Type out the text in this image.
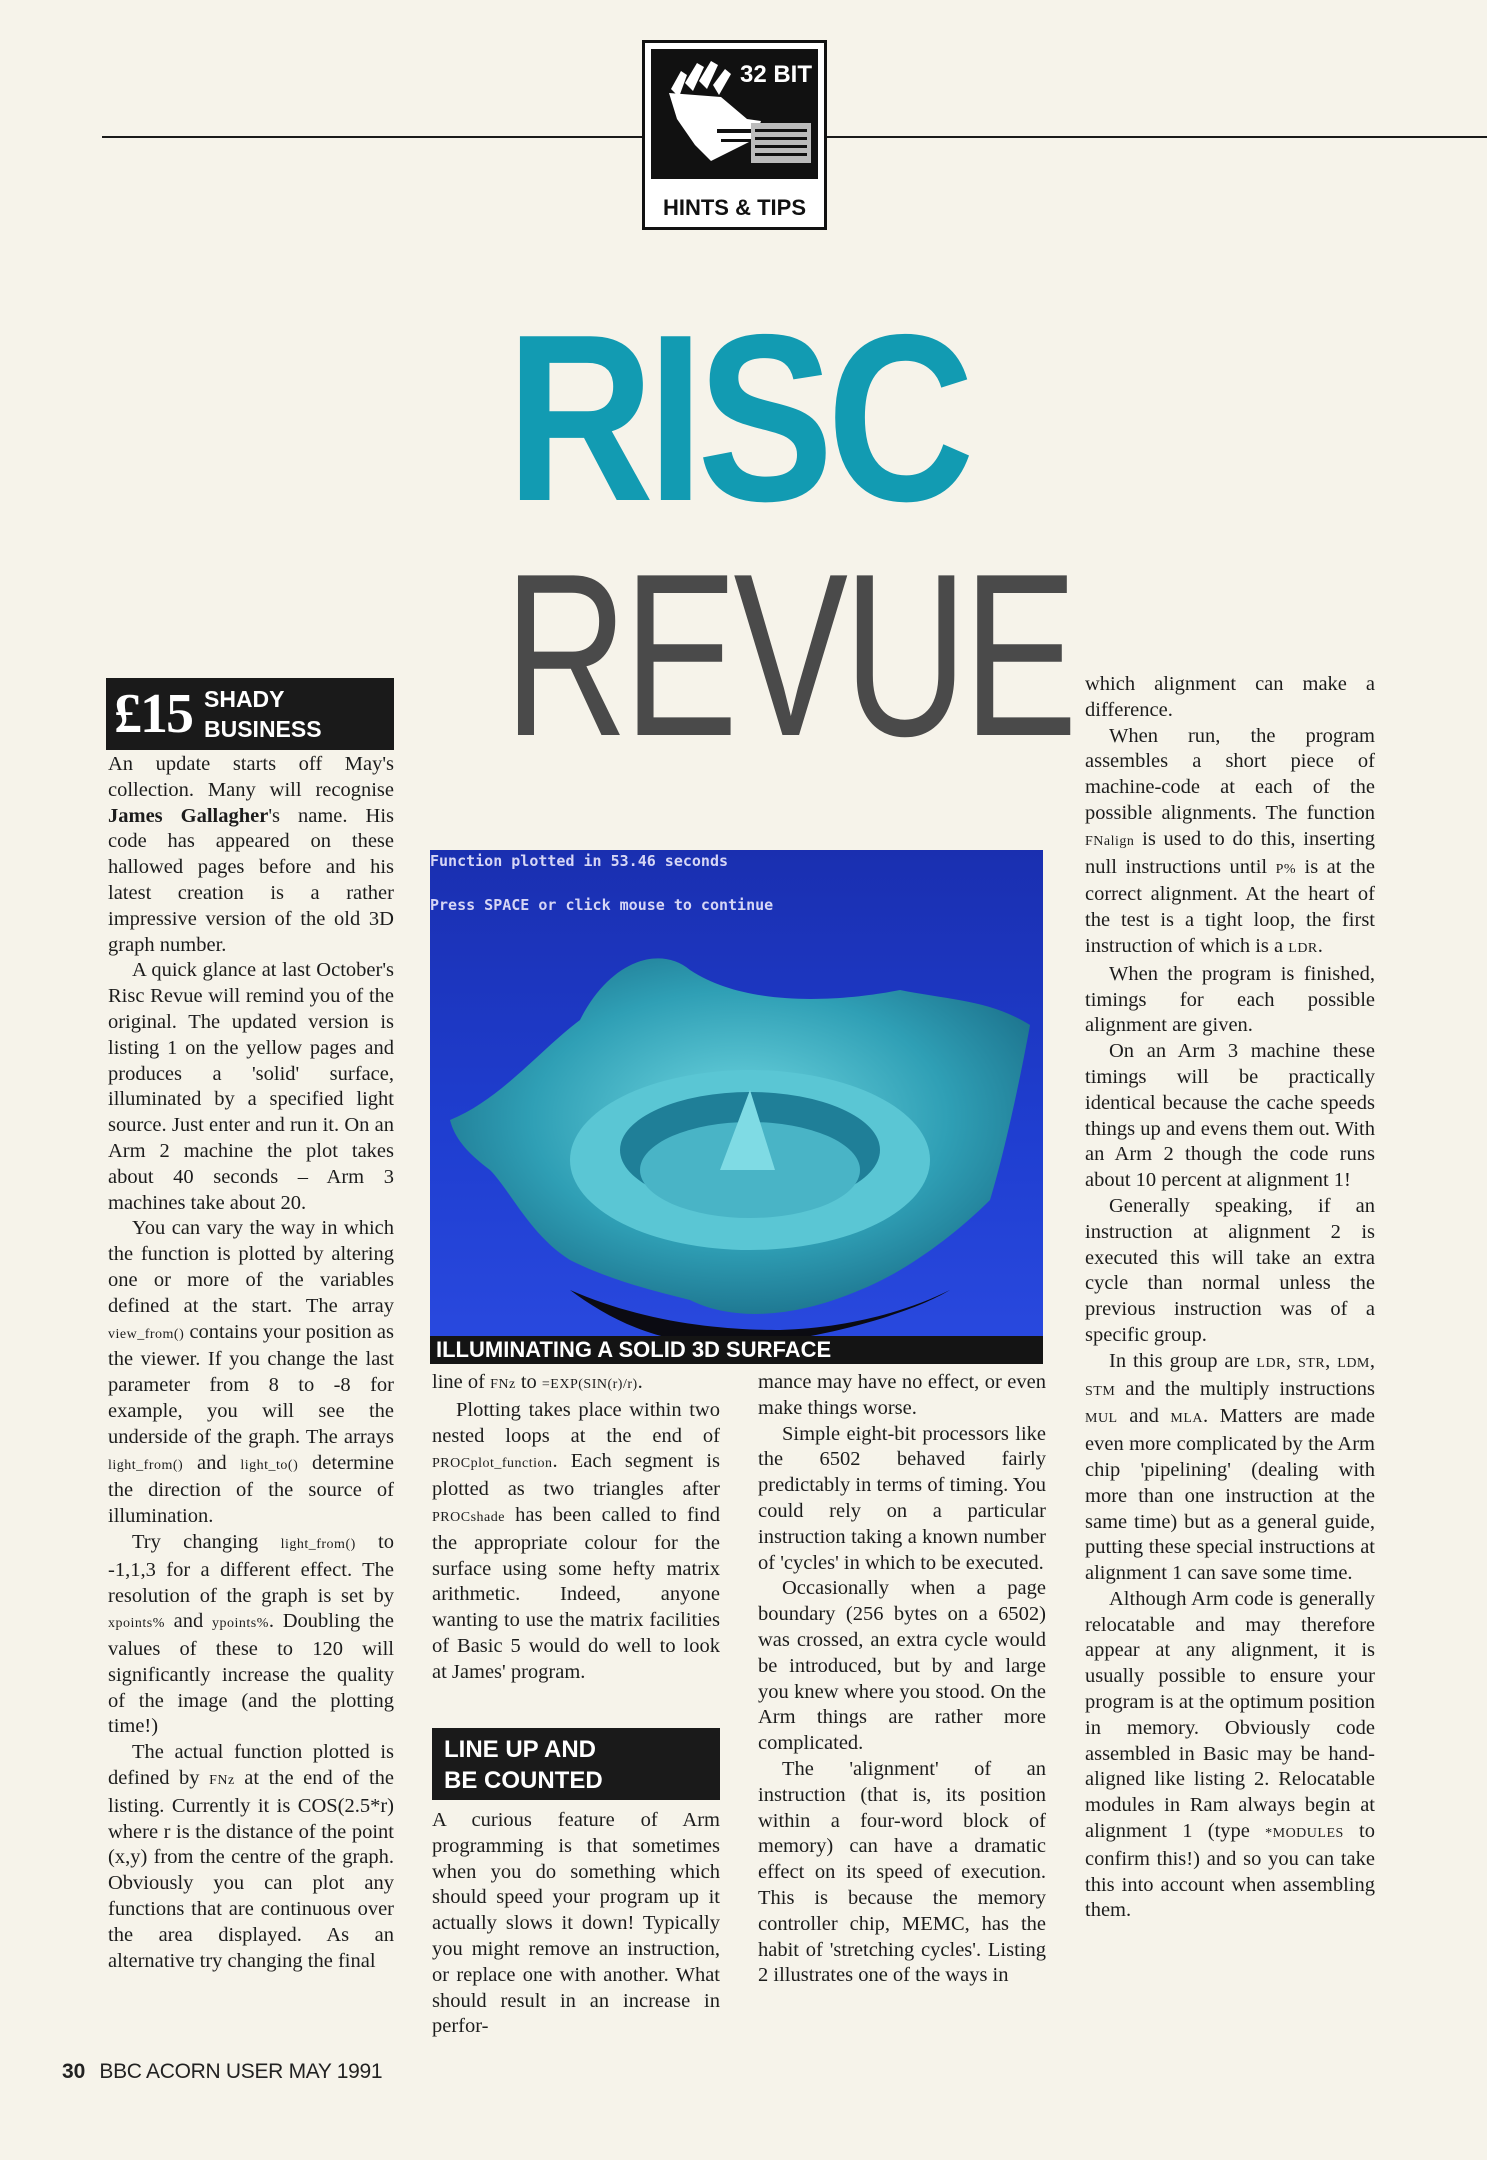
32 BIT
HINTS & TIPS
RISC
REVUE
£15 SHADY
BUSINESS

An update starts off May's collection. Many will recognise James Gallagher's name. His code has appeared on these hallowed pages before and his latest creation is a rather impressive version of the old 3D graph number.

A quick glance at last October's Risc Revue will remind you of the original. The updated version is listing 1 on the yellow pages and produces a 'solid' surface, illuminated by a specified light source. Just enter and run it. On an Arm 2 machine the plot takes about 40 seconds – Arm 3 machines take about 20.

You can vary the way in which the function is plotted by altering one or more of the variables defined at the start. The array view_from() contains your position as the viewer. If you change the last parameter from 8 to -8 for example, you will see the underside of the graph. The arrays light_from() and light_to() determine the direction of the source of illumination.

Try changing light_from() to -1,1,3 for a different effect. The resolution of the graph is set by xpoints% and ypoints%. Doubling the values of these to 120 will significantly increase the quality of the image (and the plotting time!)

The actual function plotted is defined by FNz at the end of the listing. Currently it is COS(2.5*r) where r is the distance of the point (x,y) from the centre of the graph. Obviously you can plot any functions that are continuous over the area displayed. As an alternative try changing the final

Function plotted in 53.46 seconds
Press SPACE or click mouse to continue
ILLUMINATING A SOLID 3D SURFACE

line of FNz to =EXP(SIN(r)/r).

Plotting takes place within two nested loops at the end of PROCplot_function. Each segment is plotted as two triangles after PROCshade has been called to find the appropriate colour for the surface using some hefty matrix arithmetic. Indeed, anyone wanting to use the matrix facilities of Basic 5 would do well to look at James' program.

LINE UP AND
BE COUNTED

A curious feature of Arm programming is that sometimes when you do something which should speed your program up it actually slows it down! Typically you might remove an instruction, or replace one with another. What should result in an increase in perfor-

mance may have no effect, or even make things worse.

Simple eight-bit processors like the 6502 behaved fairly predictably in terms of timing. You could rely on a particular instruction taking a known number of 'cycles' in which to be executed.

Occasionally when a page boundary (256 bytes on a 6502) was crossed, an extra cycle would be introduced, but by and large you knew where you stood. On the Arm things are rather more complicated.

The 'alignment' of an instruction (that is, its position within a four-word block of memory) can have a dramatic effect on its speed of execution. This is because the memory controller chip, MEMC, has the habit of 'stretching cycles'. Listing 2 illustrates one of the ways in

which alignment can make a difference.

When run, the program assembles a short piece of machine-code at each of the possible alignments. The function FNalign is used to do this, inserting null instructions until P% is at the correct alignment. At the heart of the test is a tight loop, the first instruction of which is a LDR.

When the program is finished, timings for each possible alignment are given.

On an Arm 3 machine these timings will be practically identical because the cache speeds things up and evens them out. With an Arm 2 though the code runs about 10 percent at alignment 1!

Generally speaking, if an instruction at alignment 2 is executed this will take an extra cycle than normal unless the previous instruction was of a specific group.

In this group are LDR, STR, LDM, STM and the multiply instructions MUL and MLA. Matters are made even more complicated by the Arm chip 'pipelining' (dealing with more than one instruction at the same time) but as a general guide, putting these special instructions at alignment 1 can save some time.

Although Arm code is generally relocatable and may therefore appear at any alignment, it is usually possible to ensure your program is at the optimum position in memory. Obviously code assembled in Basic may be hand-aligned like listing 2. Relocatable modules in Ram always begin at alignment 1 (type *MODULES to confirm this!) and so you can take this into account when assembling them.

30 BBC ACORN USER MAY 1991
